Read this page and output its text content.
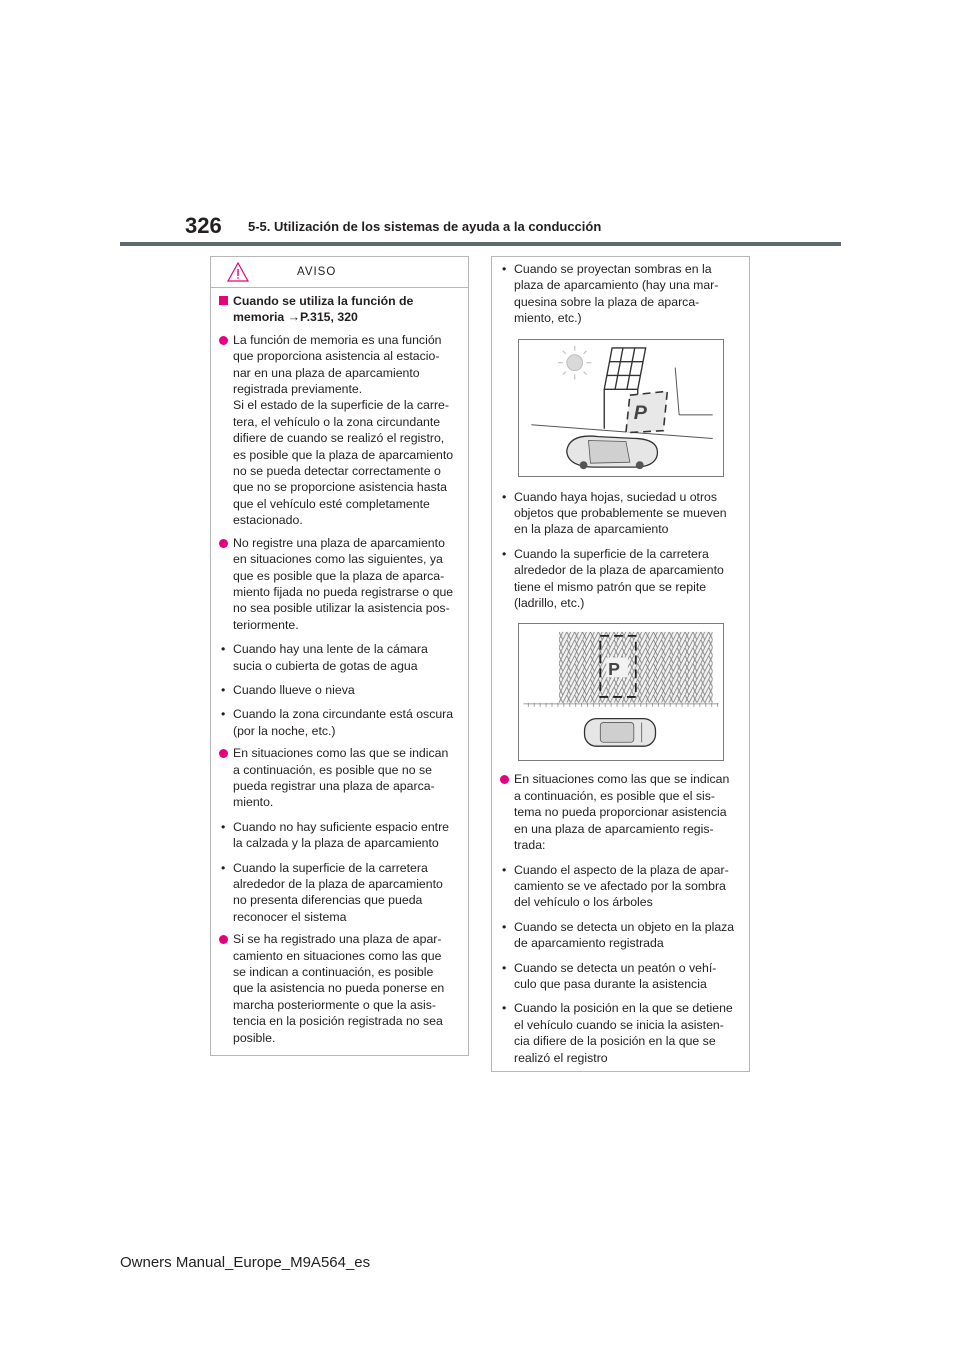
326 5-5. Utilización de los sistemas de ayuda a la conducción
AVISO
Cuando se utiliza la función de memoria →P.315, 320
La función de memoria es una función que proporciona asistencia al estacio-nar en una plaza de aparcamiento registrada previamente.
Si el estado de la superficie de la carre-tera, el vehículo o la zona circundante difiere de cuando se realizó el registro, es posible que la plaza de aparcamiento no se pueda detectar correctamente o que no se proporcione asistencia hasta que el vehículo esté completamente estacionado.
No registre una plaza de aparcamiento en situaciones como las siguientes, ya que es posible que la plaza de aparca-miento fijada no pueda registrarse o que no sea posible utilizar la asistencia pos-teriormente.
• Cuando hay una lente de la cámara sucia o cubierta de gotas de agua
• Cuando llueve o nieva
• Cuando la zona circundante está oscura (por la noche, etc.)
En situaciones como las que se indican a continuación, es posible que no se pueda registrar una plaza de aparca-miento.
• Cuando no hay suficiente espacio entre la calzada y la plaza de aparcamiento
• Cuando la superficie de la carretera alrededor de la plaza de aparcamiento no presenta diferencias que pueda reconocer el sistema
Si se ha registrado una plaza de apar-camiento en situaciones como las que se indican a continuación, es posible que la asistencia no pueda ponerse en marcha posteriormente o que la asis-tencia en la posición registrada no sea posible.
• Cuando se proyectan sombras en la plaza de aparcamiento (hay una mar-quesina sobre la plaza de aparca-miento, etc.)
P
• Cuando haya hojas, suciedad u otros objetos que probablemente se mueven en la plaza de aparcamiento
• Cuando la superficie de la carretera alrededor de la plaza de aparcamiento tiene el mismo patrón que se repite (ladrillo, etc.)
P
En situaciones como las que se indican a continuación, es posible que el sis-tema no pueda proporcionar asistencia en una plaza de aparcamiento regis-trada:
• Cuando el aspecto de la plaza de apar-camiento se ve afectado por la sombra del vehículo o los árboles
• Cuando se detecta un objeto en la plaza de aparcamiento registrada
• Cuando se detecta un peatón o vehí-culo que pasa durante la asistencia
• Cuando la posición en la que se detiene el vehículo cuando se inicia la asisten-cia difiere de la posición en la que se realizó el registro
Owners Manual_Europe_M9A564_es
